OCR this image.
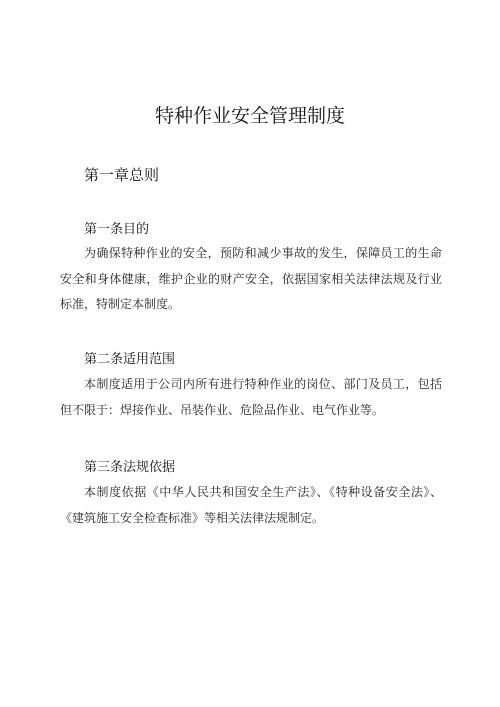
特种作业安全管理制度
第一章总则
第一条目的

为确保特种作业的安全，预防和减少事故的发生，保障员工的生命安全和身体健康，维护企业的财产安全，依据国家相关法律法规及行业标准，特制定本制度。

第二条适用范围

本制度适用于公司内所有进行特种作业的岗位、部门及员工，包括但不限于：焊接作业、吊装作业、危险品作业、电气作业等。

第三条法规依据

本制度依据《中华人民共和国安全生产法》、《特种设备安全法》、《建筑施工安全检查标准》等相关法律法规制定。
